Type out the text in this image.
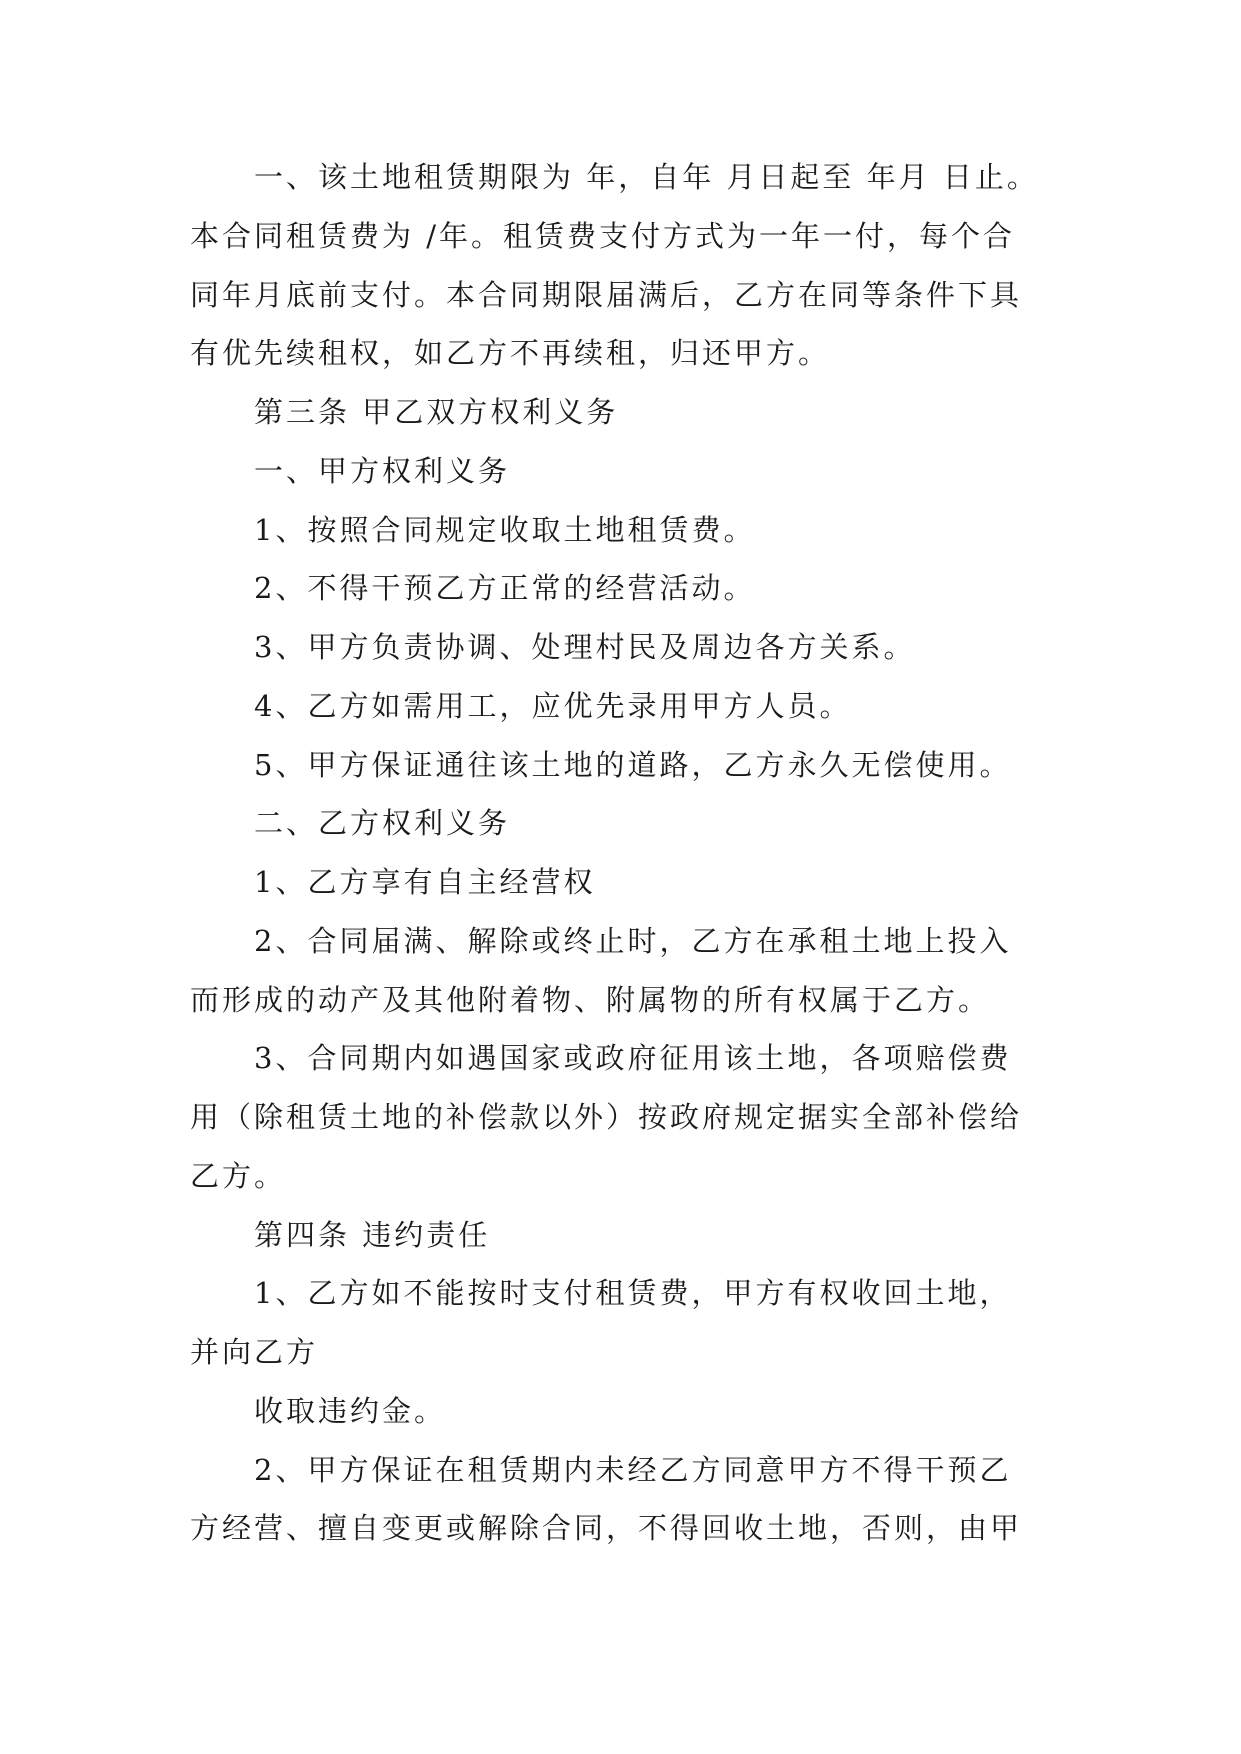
一、该土地租赁期限为 年，自年 月日起至 年月 日止。
本合同租赁费为 /年。租赁费支付方式为一年一付，每个合
同年月底前支付。本合同期限届满后，乙方在同等条件下具
有优先续租权，如乙方不再续租，归还甲方。
第三条 甲乙双方权利义务
一、甲方权利义务
1、按照合同规定收取土地租赁费。
2、不得干预乙方正常的经营活动。
3、甲方负责协调、处理村民及周边各方关系。
4、乙方如需用工，应优先录用甲方人员。
5、甲方保证通往该土地的道路，乙方永久无偿使用。
二、乙方权利义务
1、乙方享有自主经营权
2、合同届满、解除或终止时，乙方在承租土地上投入
而形成的动产及其他附着物、附属物的所有权属于乙方。
3、合同期内如遇国家或政府征用该土地，各项赔偿费
用（除租赁土地的补偿款以外）按政府规定据实全部补偿给
乙方。
第四条 违约责任
1、乙方如不能按时支付租赁费，甲方有权收回土地，
并向乙方
收取违约金。
2、甲方保证在租赁期内未经乙方同意甲方不得干预乙
方经营、擅自变更或解除合同，不得回收土地，否则，由甲
